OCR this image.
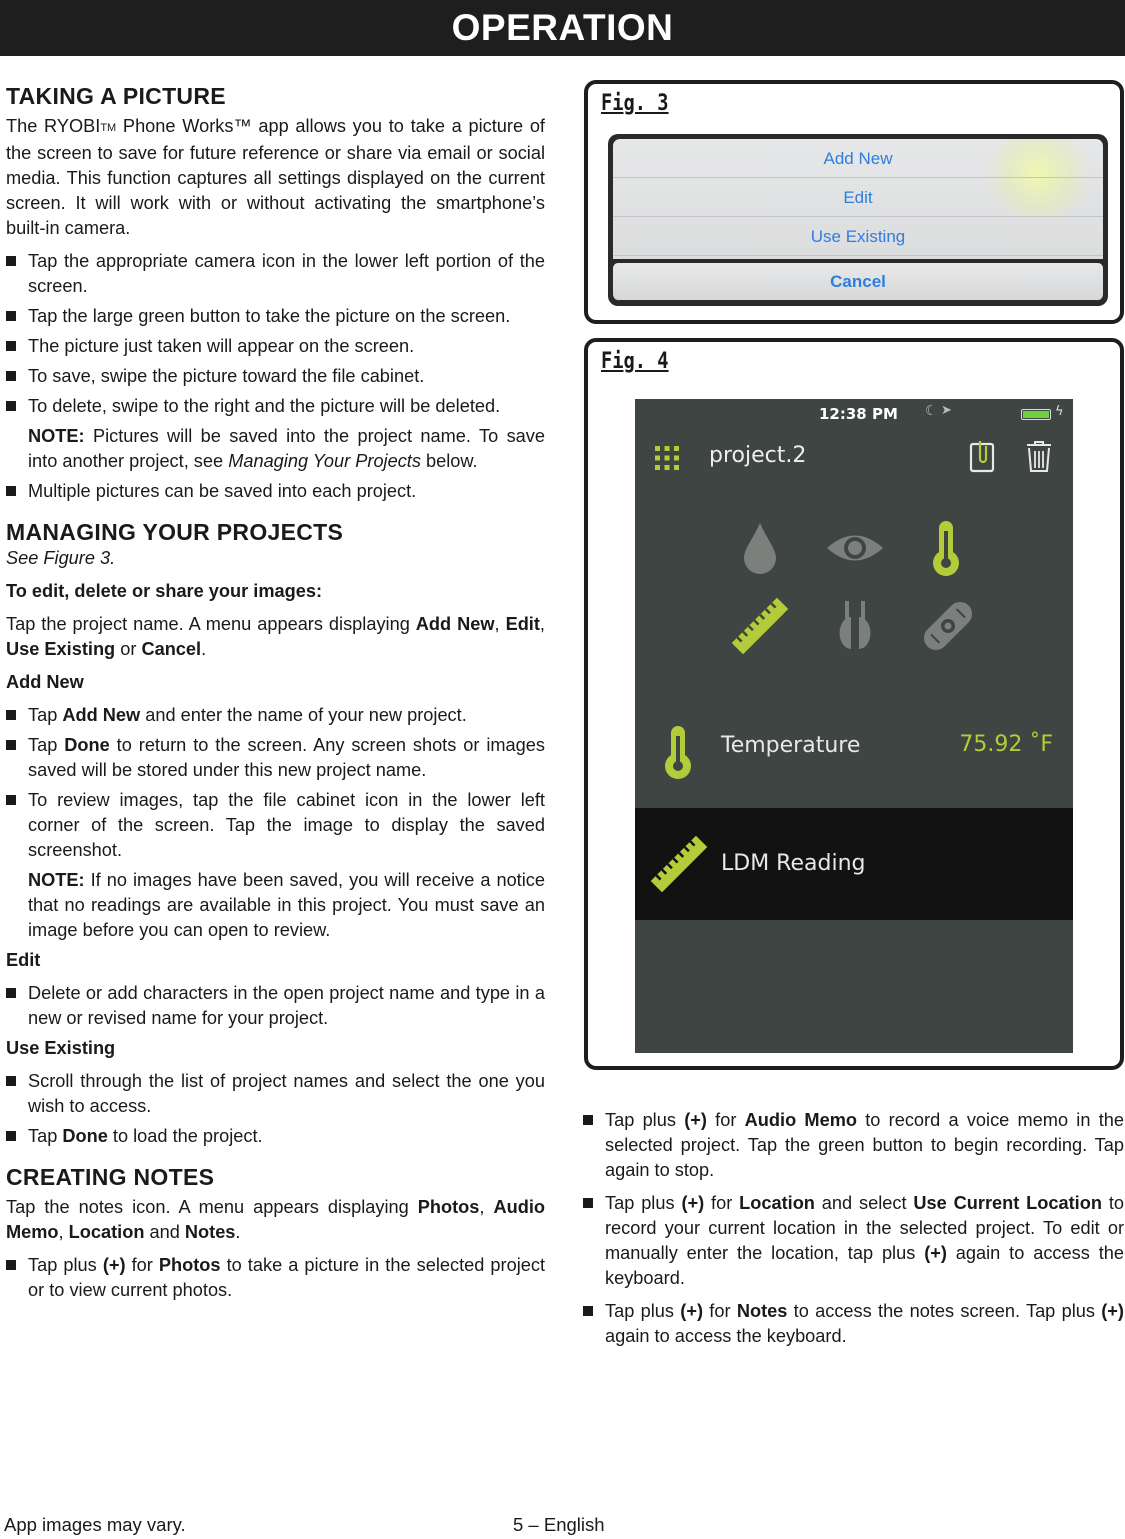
OPERATION
TAKING A PICTURE

The RYOBITM Phone Works™ app allows you to take a picture of the screen to save for future reference or share via email or social media. This function captures all settings displayed on the current screen. It will work with or without activating the smartphone’s built-in camera.

Tap the appropriate camera icon in the lower left portion of the screen.
Tap the large green button to take the picture on the screen.
The picture just taken will appear on the screen.
To save, swipe the picture toward the file cabinet.
To delete, swipe to the right and the picture will be deleted.

NOTE: Pictures will be saved into the project name. To save into another project, see Managing Your Projects below.

Multiple pictures can be saved into each project.
MANAGING YOUR PROJECTS

See Figure 3.

To edit, delete or share your images:

Tap the project name. A menu appears displaying Add New, Edit, Use Existing or Cancel.

Add New

Tap Add New and enter the name of your new project.
Tap Done to return to the screen. Any screen shots or images saved will be stored under this new project name.
To review images, tap the file cabinet icon in the lower left corner of the screen. Tap the image to display the saved screenshot.

NOTE: If no images have been saved, you will receive a notice that no readings are available in this project. You must save an image before you can open to review.

Edit

Delete or add characters in the open project name and type in a new or revised name for your project.

Use Existing

Scroll through the list of project names and select the one you wish to access.
Tap Done to load the project.
CREATING NOTES

Tap the notes icon. A menu appears displaying Photos, Audio Memo, Location and Notes.

Tap plus (+) for Photos to take a picture in the selected project or to view current photos.
Fig. 3
Add New
Edit
Use Existing
Cancel
Fig. 4
12:38 PM ☾ ➤	ϟ
project.2
Temperature	75.92 ˚F
LDM Reading
Tap plus (+) for Audio Memo to record a voice memo in the selected project. Tap the green button to begin recording. Tap again to stop.
Tap plus (+) for Location and select Use Current Location to record your current location in the selected project. To edit or manually enter the location, tap plus (+) again to access the keyboard.
Tap plus (+) for Notes to access the notes screen. Tap plus (+) again to access the keyboard.
App images may vary.	5 – English
